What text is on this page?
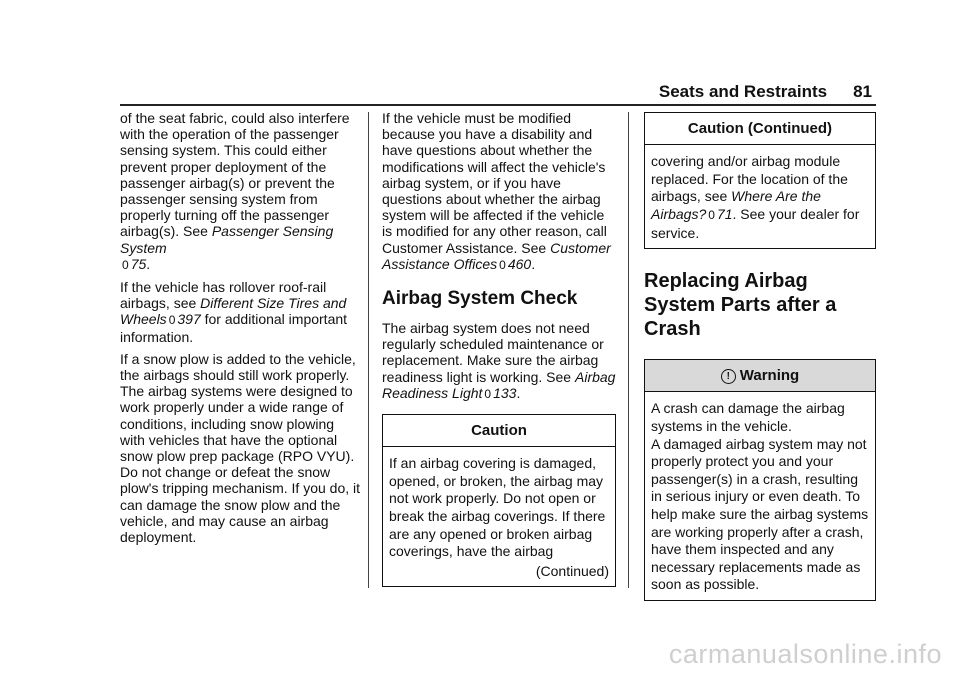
Seats and Restraints 81

of the seat fabric, could also interfere with the operation of the passenger sensing system. This could either prevent proper deployment of the passenger airbag(s) or prevent the passenger sensing system from properly turning off the passenger airbag(s). See Passenger Sensing System
0 75.

If the vehicle has rollover roof-rail airbags, see Different Size Tires and Wheels 0 397 for additional important information.

If a snow plow is added to the vehicle, the airbags should still work properly. The airbag systems were designed to work properly under a wide range of conditions, including snow plowing with vehicles that have the optional snow plow prep package (RPO VYU). Do not change or defeat the snow plow's tripping mechanism. If you do, it can damage the snow plow and the vehicle, and may cause an airbag deployment.

If the vehicle must be modified because you have a disability and have questions about whether the modifications will affect the vehicle's airbag system, or if you have questions about whether the airbag system will be affected if the vehicle is modified for any other reason, call Customer Assistance. See Customer Assistance Offices 0 460.

Airbag System Check

The airbag system does not need regularly scheduled maintenance or replacement. Make sure the airbag readiness light is working. See Airbag Readiness Light 0 133.

Caution
If an airbag covering is damaged, opened, or broken, the airbag may not work properly. Do not open or break the airbag coverings. If there are any opened or broken airbag coverings, have the airbag
(Continued)
Caution (Continued)
covering and/or airbag module replaced. For the location of the airbags, see Where Are the Airbags? 0 71. See your dealer for service.
Replacing Airbag System Parts after a Crash
! Warning
A crash can damage the airbag systems in the vehicle.
A damaged airbag system may not properly protect you and your passenger(s) in a crash, resulting in serious injury or even death. To help make sure the airbag systems are working properly after a crash, have them inspected and any necessary replacements made as soon as possible.
carmanualsonline.info
